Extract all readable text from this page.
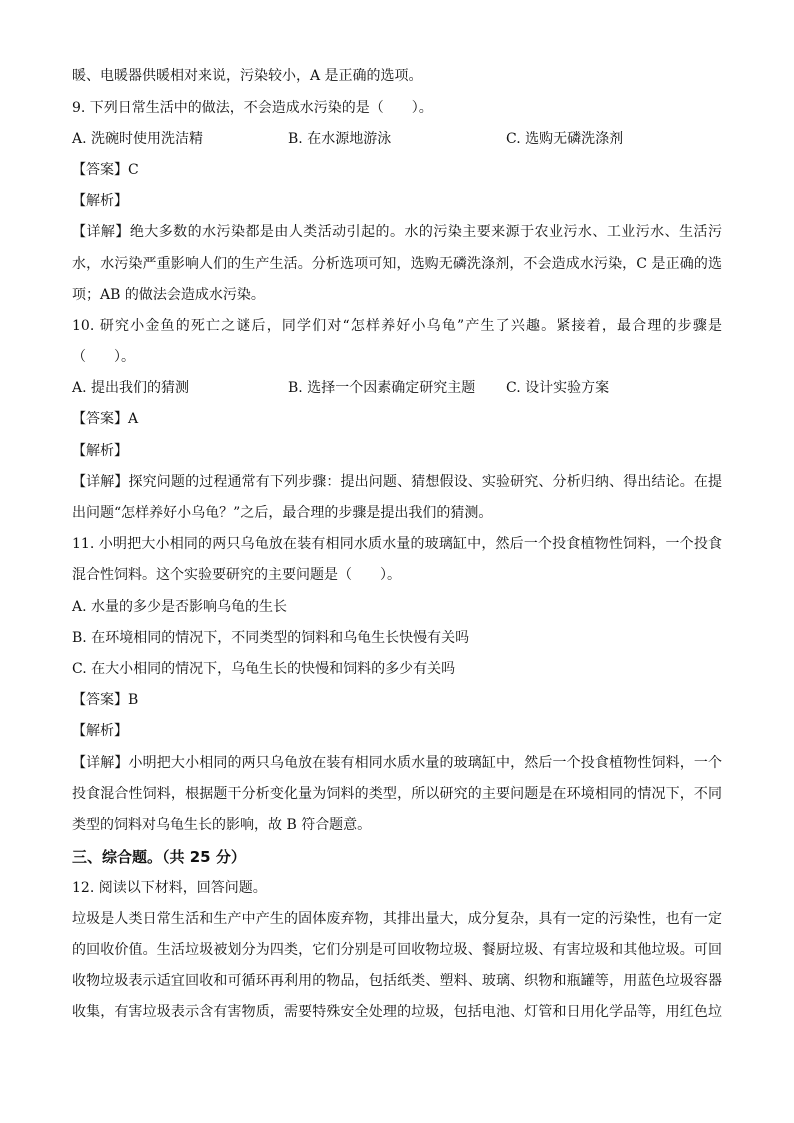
暖、电暖器供暖相对来说，污染较小，A 是正确的选项。
9. 下列日常生活中的做法，不会造成水污染的是（　　）。
A. 洗碗时使用洗洁精	B. 在水源地游泳	C. 选购无磷洗涤剂
【答案】C
【解析】
【详解】绝大多数的水污染都是由人类活动引起的。水的污染主要来源于农业污水、工业污水、生活污
水，水污染严重影响人们的生产生活。分析选项可知，选购无磷洗涤剂，不会造成水污染，C 是正确的选
项；AB 的做法会造成水污染。
10. 研究小金鱼的死亡之谜后，同学们对“怎样养好小乌龟”产生了兴趣。紧接着，最合理的步骤是
（　　）。
A. 提出我们的猜测	B. 选择一个因素确定研究主题 C. 设计实验方案
【答案】A
【解析】
【详解】探究问题的过程通常有下列步骤：提出问题、猜想假设、实验研究、分析归纳、得出结论。在提
出问题“怎样养好小乌龟？”之后，最合理的步骤是提出我们的猜测。
11. 小明把大小相同的两只乌龟放在装有相同水质水量的玻璃缸中，然后一个投食植物性饲料，一个投食
混合性饲料。这个实验要研究的主要问题是（　　）。
A. 水量的多少是否影响乌龟的生长
B. 在环境相同的情况下，不同类型的饲料和乌龟生长快慢有关吗
C. 在大小相同的情况下，乌龟生长的快慢和饲料的多少有关吗
【答案】B
【解析】
【详解】小明把大小相同的两只乌龟放在装有相同水质水量的玻璃缸中，然后一个投食植物性饲料，一个
投食混合性饲料，根据题干分析变化量为饲料的类型，所以研究的主要问题是在环境相同的情况下，不同
类型的饲料对乌龟生长的影响，故 B 符合题意。
三、综合题。（共 25 分）
12. 阅读以下材料，回答问题。
垃圾是人类日常生活和生产中产生的固体废弃物，其排出量大，成分复杂，具有一定的污染性，也有一定
的回收价值。生活垃圾被划分为四类，它们分别是可回收物垃圾、餐厨垃圾、有害垃圾和其他垃圾。可回
收物垃圾表示适宜回收和可循环再利用的物品，包括纸类、塑料、玻璃、织物和瓶罐等，用蓝色垃圾容器
收集，有害垃圾表示含有害物质，需要特殊安全处理的垃圾，包括电池、灯管和日用化学品等，用红色垃
